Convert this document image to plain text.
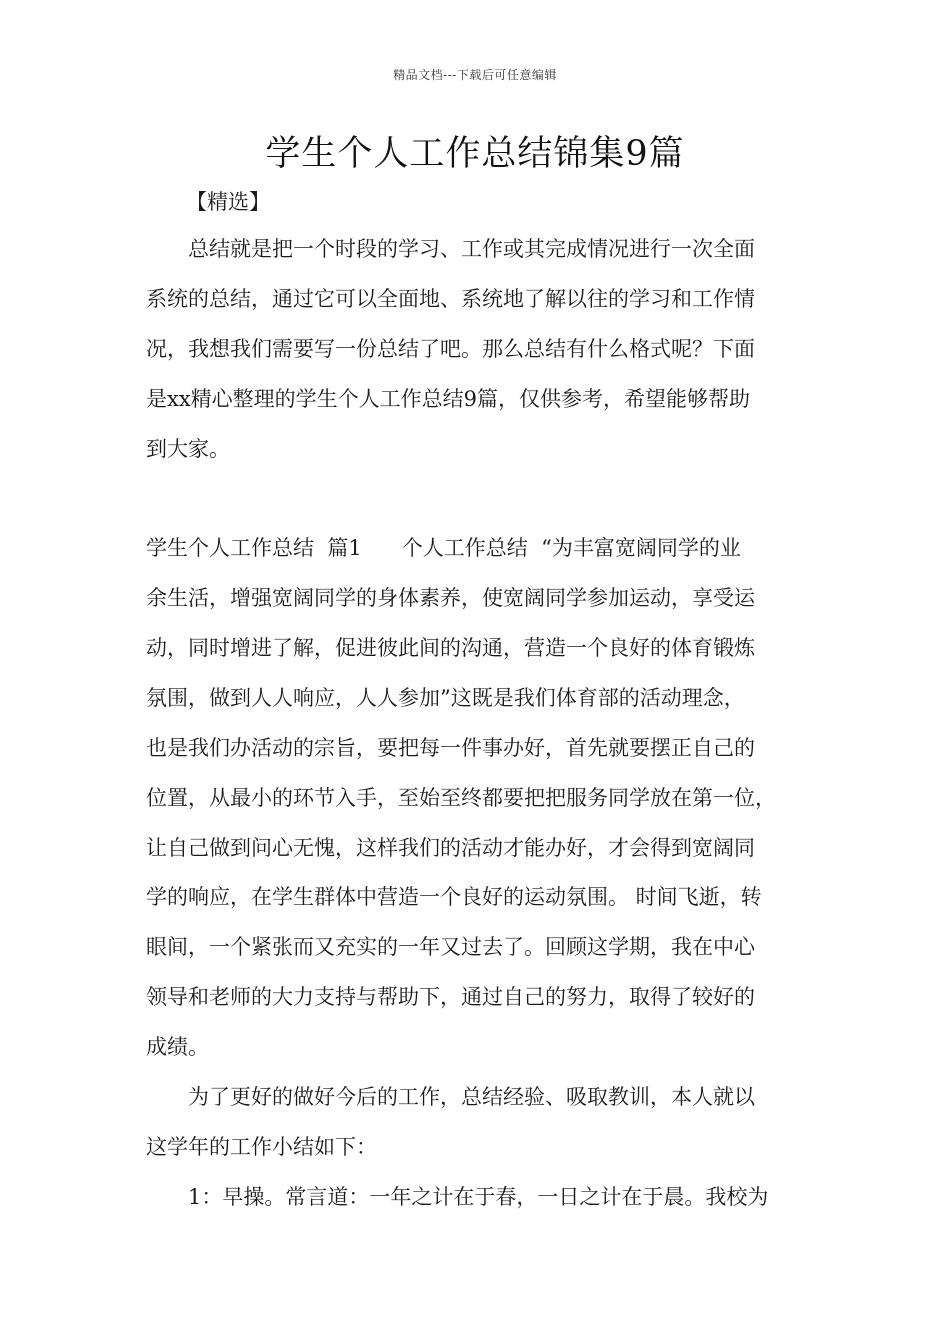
精品文档---下载后可任意编辑
学生个人工作总结锦集9篇
【精选】
总结就是把一个时段的学习、工作或其完成情况进行一次全面
系统的总结，通过它可以全面地、系统地了解以往的学习和工作情
况，我想我们需要写一份总结了吧。那么总结有什么格式呢？下面
是xx精心整理的学生个人工作总结9篇，仅供参考，希望能够帮助
到大家。
学生个人工作总结  篇1      个人工作总结  “为丰富宽阔同学的业
余生活，增强宽阔同学的身体素养，使宽阔同学参加运动，享受运
动，同时增进了解，促进彼此间的沟通，营造一个良好的体育锻炼
氛围，做到人人响应，人人参加”这既是我们体育部的活动理念，
也是我们办活动的宗旨，要把每一件事办好，首先就要摆正自己的
位置，从最小的环节入手，至始至终都要把把服务同学放在第一位，
让自己做到问心无愧，这样我们的活动才能办好，才会得到宽阔同
学的响应，在学生群体中营造一个良好的运动氛围。 时间飞逝，转
眼间，一个紧张而又充实的一年又过去了。回顾这学期，我在中心
领导和老师的大力支持与帮助下，通过自己的努力，取得了较好的
成绩。
为了更好的做好今后的工作，总结经验、吸取教训，本人就以
这学年的工作小结如下：
1：早操。常言道：一年之计在于春，一日之计在于晨。我校为
